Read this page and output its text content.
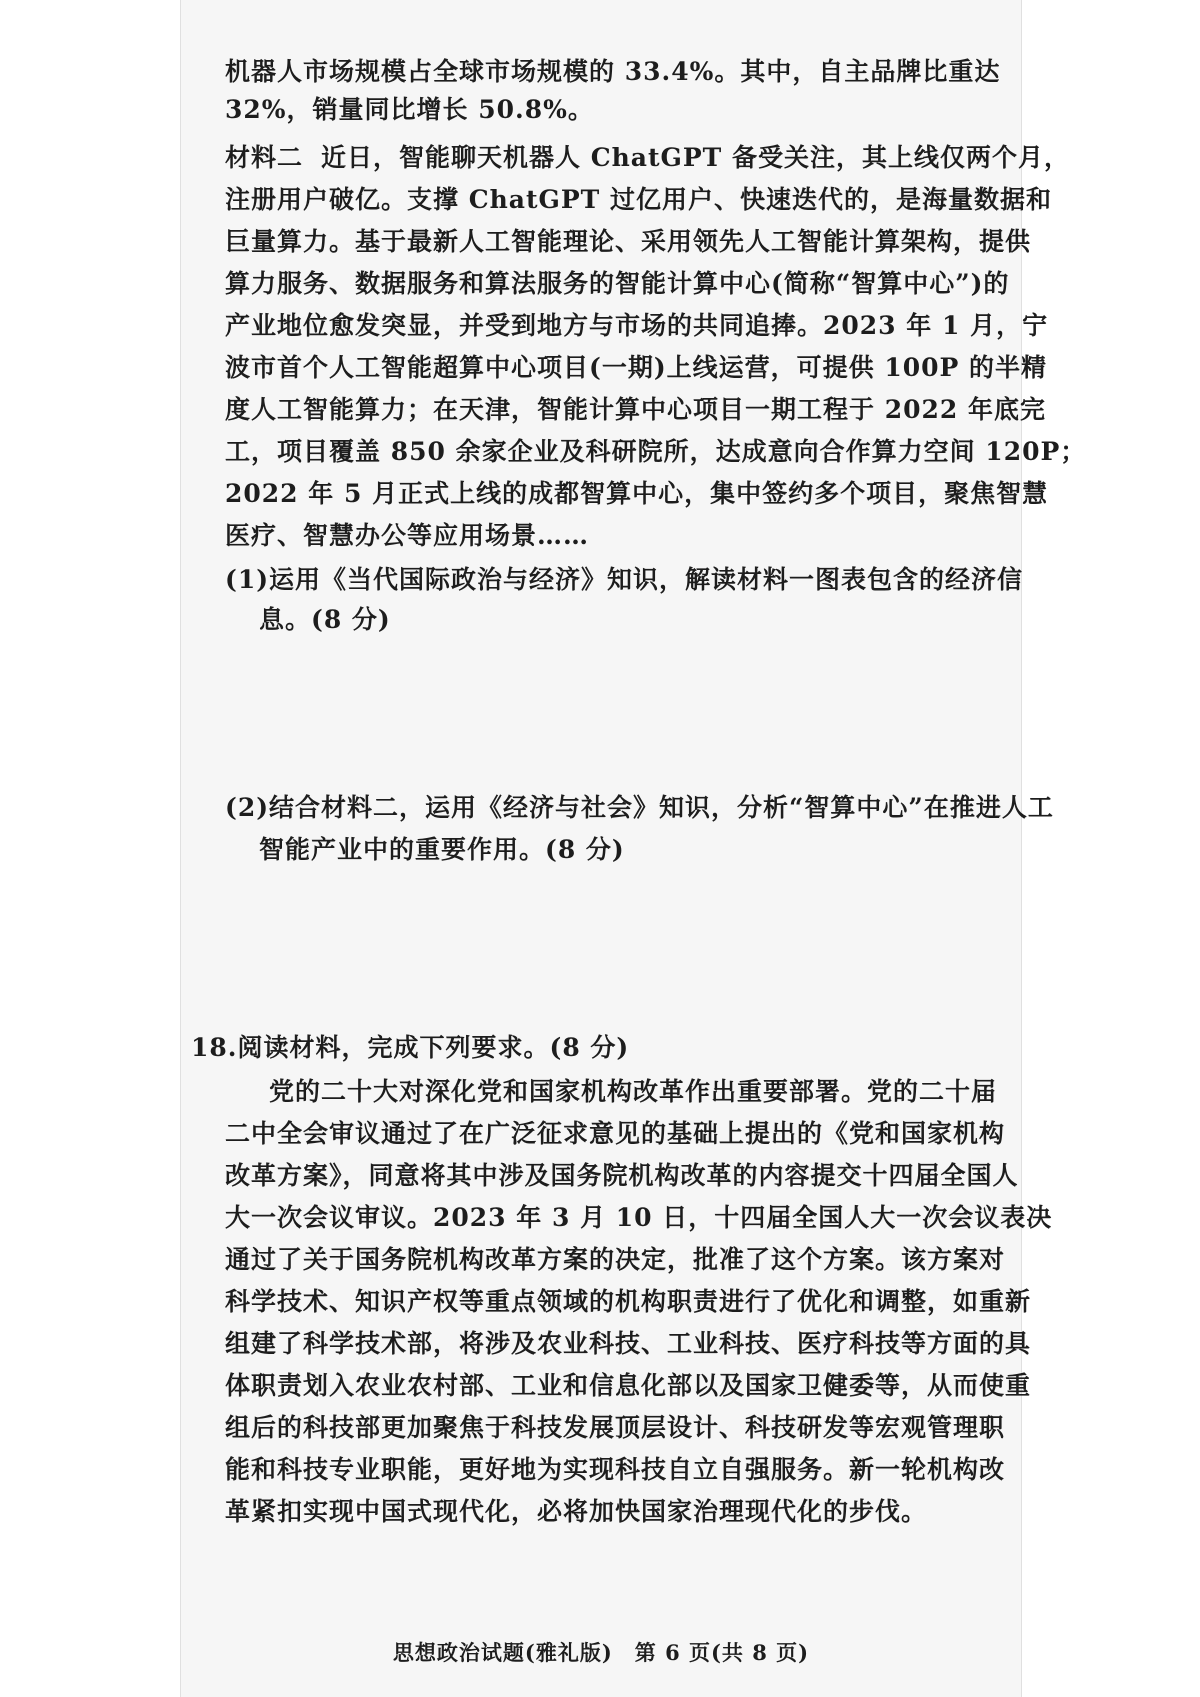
机器人市场规模占全球市场规模的 33.4%。其中，自主品牌比重达
32%，销量同比增长 50.8%。
材料二 近日，智能聊天机器人 ChatGPT 备受关注，其上线仅两个月，
注册用户破亿。支撑 ChatGPT 过亿用户、快速迭代的，是海量数据和
巨量算力。基于最新人工智能理论、采用领先人工智能计算架构，提供
算力服务、数据服务和算法服务的智能计算中心(简称“智算中心”)的
产业地位愈发突显，并受到地方与市场的共同追捧。2023 年 1 月，宁
波市首个人工智能超算中心项目(一期)上线运营，可提供 100P 的半精
度人工智能算力；在天津，智能计算中心项目一期工程于 2022 年底完
工，项目覆盖 850 余家企业及科研院所，达成意向合作算力空间 120P；
2022 年 5 月正式上线的成都智算中心，集中签约多个项目，聚焦智慧
医疗、智慧办公等应用场景……
(1)运用《当代国际政治与经济》知识，解读材料一图表包含的经济信
息。(8 分)
(2)结合材料二，运用《经济与社会》知识，分析“智算中心”在推进人工
智能产业中的重要作用。(8 分)
18.阅读材料，完成下列要求。(8 分)
党的二十大对深化党和国家机构改革作出重要部署。党的二十届
二中全会审议通过了在广泛征求意见的基础上提出的《党和国家机构
改革方案》，同意将其中涉及国务院机构改革的内容提交十四届全国人
大一次会议审议。2023 年 3 月 10 日，十四届全国人大一次会议表决
通过了关于国务院机构改革方案的决定，批准了这个方案。该方案对
科学技术、知识产权等重点领域的机构职责进行了优化和调整，如重新
组建了科学技术部，将涉及农业科技、工业科技、医疗科技等方面的具
体职责划入农业农村部、工业和信息化部以及国家卫健委等，从而使重
组后的科技部更加聚焦于科技发展顶层设计、科技研发等宏观管理职
能和科技专业职能，更好地为实现科技自立自强服务。新一轮机构改
革紧扣实现中国式现代化，必将加快国家治理现代化的步伐。
思想政治试题(雅礼版)　第 6 页(共 8 页)
